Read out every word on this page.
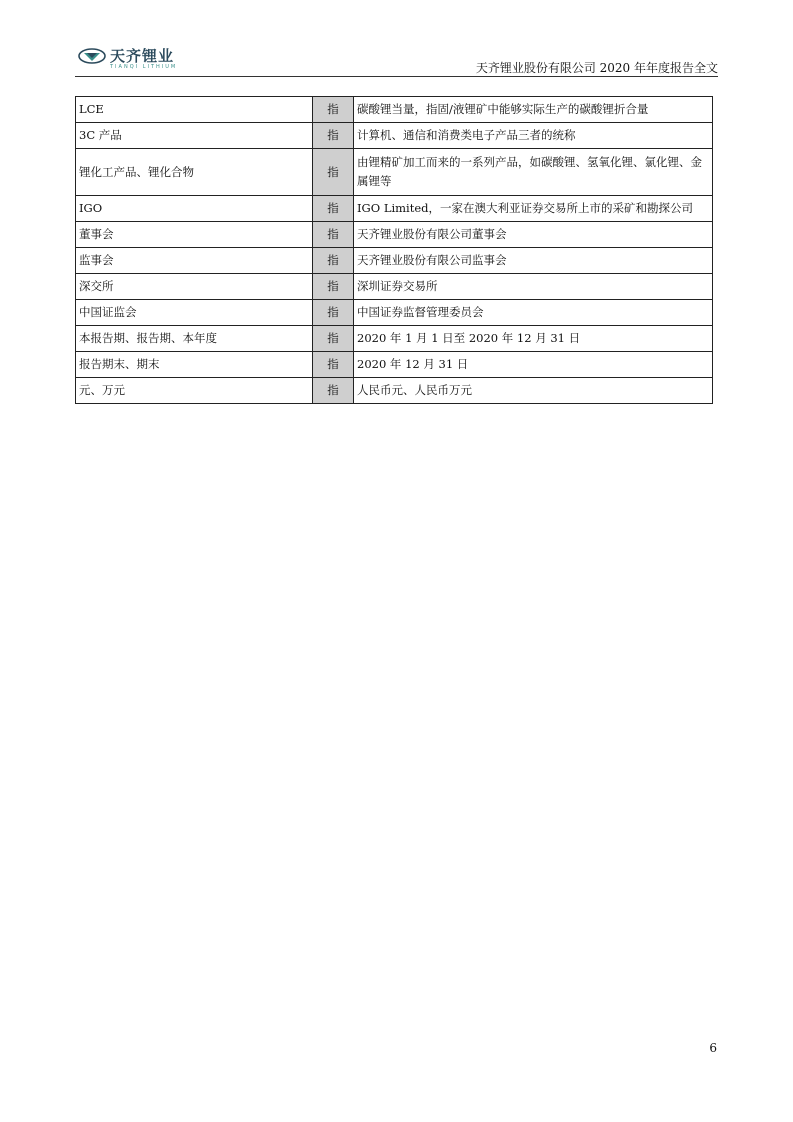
天齐锂业
TIANQI LITHIUM	天齐锂业股份有限公司 2020 年年度报告全文
LCE	指	碳酸锂当量，指固/液锂矿中能够实际生产的碳酸锂折合量
3C 产品	指	计算机、通信和消费类电子产品三者的统称
锂化工产品、锂化合物	指	由锂精矿加工而来的一系列产品，如碳酸锂、氢氧化锂、氯化锂、金属锂等
IGO	指	IGO Limited，一家在澳大利亚证券交易所上市的采矿和勘探公司
董事会	指	天齐锂业股份有限公司董事会
监事会	指	天齐锂业股份有限公司监事会
深交所	指	深圳证券交易所
中国证监会	指	中国证券监督管理委员会
本报告期、报告期、本年度	指	2020 年 1 月 1 日至 2020 年 12 月 31 日
报告期末、期末	指	2020 年 12 月 31 日
元、万元	指	人民币元、人民币万元
6
